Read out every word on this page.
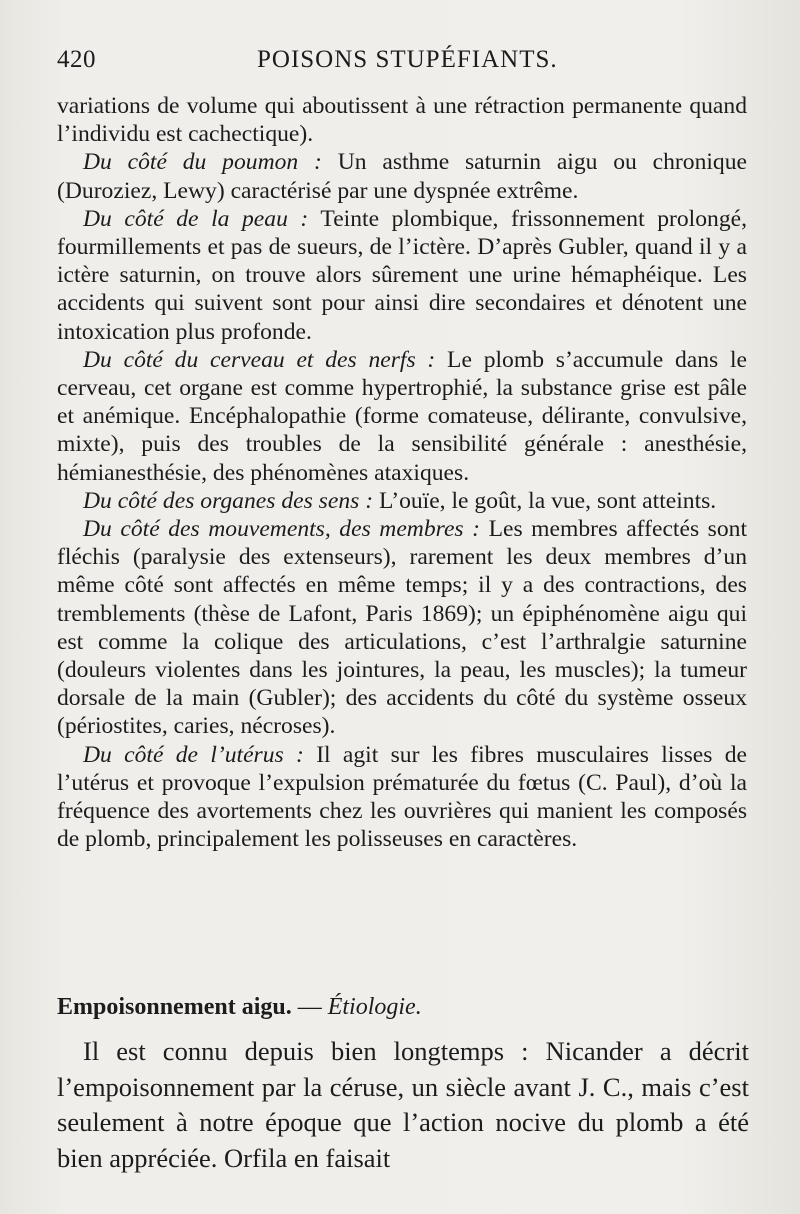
420	POISONS STUPÉFIANTS.

variations de volume qui aboutissent à une rétraction permanente quand l’individu est cachectique).

Du côté du poumon : Un asthme saturnin aigu ou chronique (Duroziez, Lewy) caractérisé par une dyspnée extrême.

Du côté de la peau : Teinte plombique, frissonnement prolongé, fourmillements et pas de sueurs, de l’ictère. D’après Gubler, quand il y a ictère saturnin, on trouve alors sûrement une urine hémaphéique. Les accidents qui suivent sont pour ainsi dire secondaires et dénotent une intoxication plus profonde.

Du côté du cerveau et des nerfs : Le plomb s’accumule dans le cerveau, cet organe est comme hypertrophié, la substance grise est pâle et anémique. Encéphalopathie (forme comateuse, délirante, convulsive, mixte), puis des troubles de la sensibilité générale : anesthésie, hémianesthésie, des phénomènes ataxiques.

Du côté des organes des sens : L’ouïe, le goût, la vue, sont atteints.

Du côté des mouvements, des membres : Les membres affectés sont fléchis (paralysie des extenseurs), rarement les deux membres d’un même côté sont affectés en même temps; il y a des contractions, des tremblements (thèse de Lafont, Paris 1869); un épiphénomène aigu qui est comme la colique des articulations, c’est l’arthralgie saturnine (douleurs violentes dans les jointures, la peau, les muscles); la tumeur dorsale de la main (Gubler); des accidents du côté du système osseux (périostites, caries, nécroses).

Du côté de l’utérus : Il agit sur les fibres musculaires lisses de l’utérus et provoque l’expulsion prématurée du fœtus (C. Paul), d’où la fréquence des avortements chez les ouvrières qui manient les composés de plomb, principalement les polisseuses en caractères.

Empoisonnement aigu. — Étiologie.

Il est connu depuis bien longtemps : Nicander a décrit l’empoisonnement par la céruse, un siècle avant J. C., mais c’est seulement à notre époque que l’action nocive du plomb a été bien appréciée. Orfila en faisait
